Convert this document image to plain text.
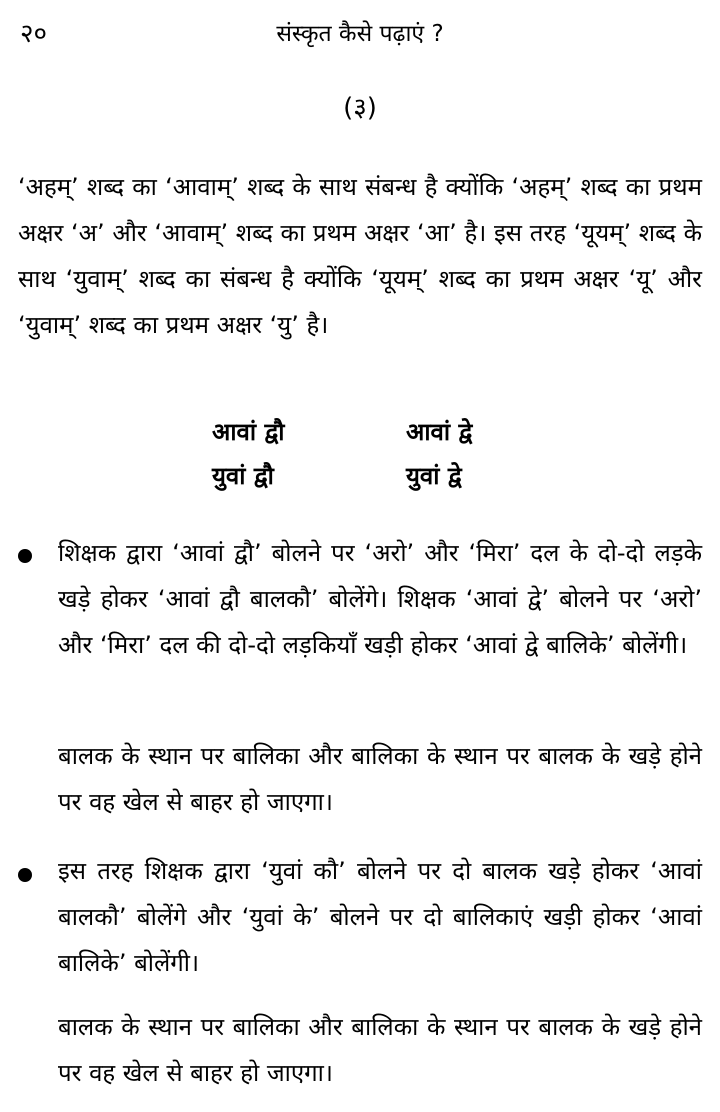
२०	संस्कृत कैसे पढ़ाएं ?
(३)

‘अहम्’ शब्द का ‘आवाम्’ शब्द के साथ संबन्ध है क्योंकि ‘अहम्’ शब्द का प्रथम अक्षर ‘अ’ और ‘आवाम्’ शब्द का प्रथम अक्षर ‘आ’ है। इस तरह ‘यूयम्’ शब्द के साथ ‘युवाम्’ शब्द का संबन्ध है क्योंकि ‘यूयम्’ शब्द का प्रथम अक्षर ‘यू’ और ‘युवाम्’ शब्द का प्रथम अक्षर ‘यु’ है।

आवां द्वौ	आवां द्वे
युवां द्वौ	युवां द्वे

शिक्षक द्वारा ‘आवां द्वौ’ बोलने पर ‘अरो’ और ‘मिरा’ दल के दो-दो लड़के खड़े होकर ‘आवां द्वौ बालकौ’ बोलेंगे। शिक्षक ‘आवां द्वे’ बोलने पर ‘अरो’ और ‘मिरा’ दल की दो-दो लड़कियाँ खड़ी होकर ‘आवां द्वे बालिके’ बोलेंगी।

बालक के स्थान पर बालिका और बालिका के स्थान पर बालक के खड़े होने पर वह खेल से बाहर हो जाएगा।

इस तरह शिक्षक द्वारा ‘युवां कौ’ बोलने पर दो बालक खड़े होकर ‘आवां बालकौ’ बोलेंगे और ‘युवां के’ बोलने पर दो बालिकाएं खड़ी होकर ‘आवां बालिके’ बोलेंगी।

बालक के स्थान पर बालिका और बालिका के स्थान पर बालक के खड़े होने पर वह खेल से बाहर हो जाएगा।
